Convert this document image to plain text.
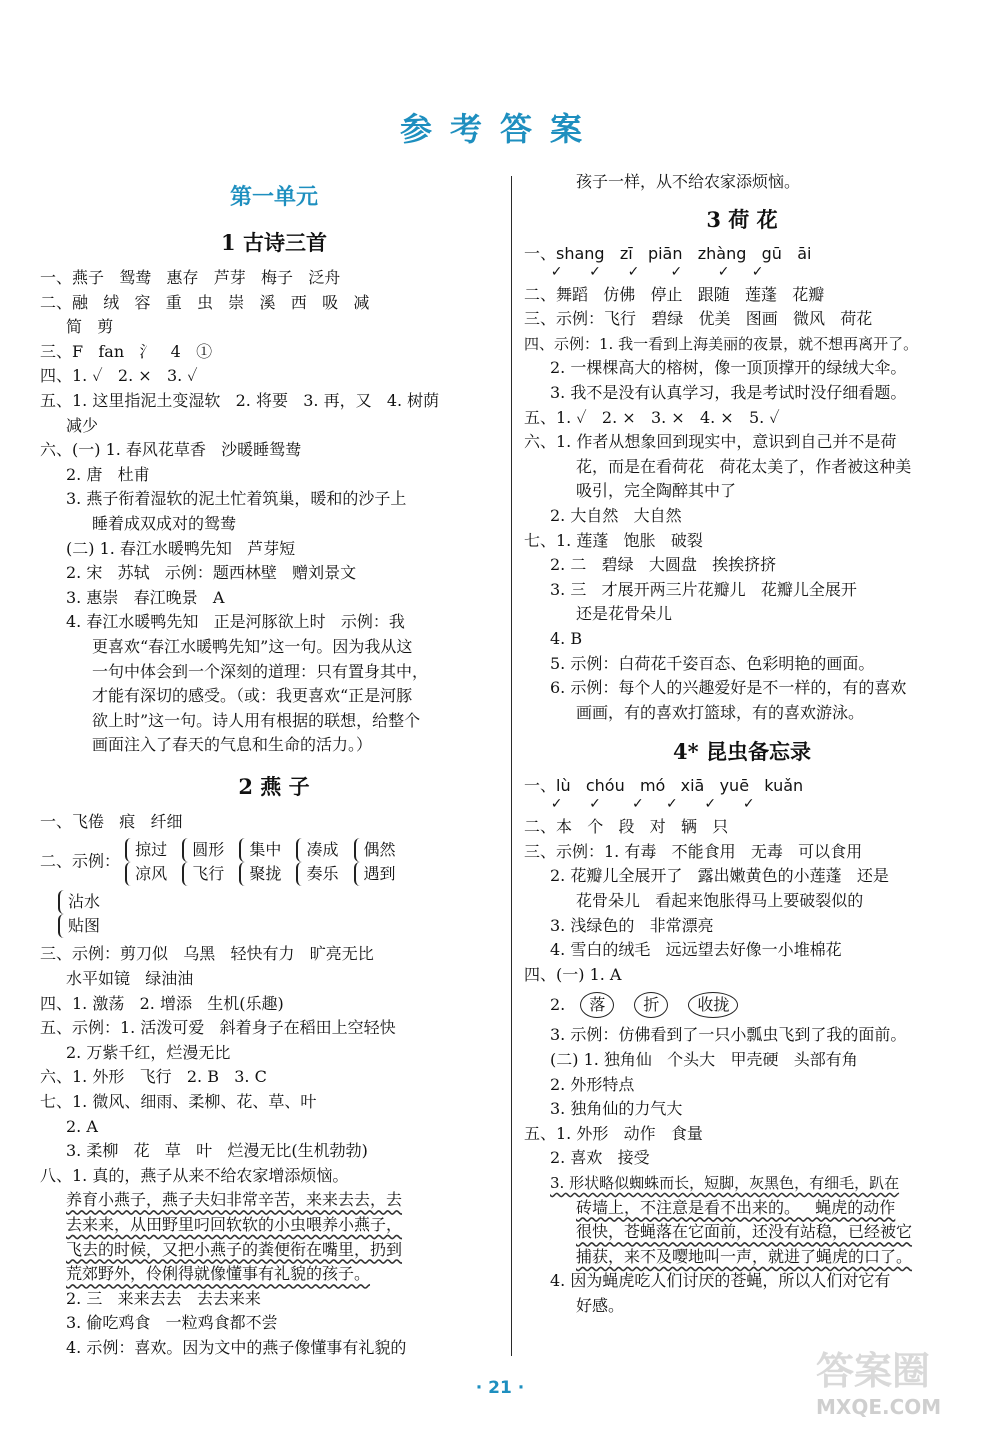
参考答案
第一单元
1 古诗三首
一、燕子   鸳鸯   惠存   芦芽   梅子   泛舟
二、融   绒   容   重   虫   崇   溪   西   吸   减
简   剪
三、F   fan   氵   4   ①
四、1. ✓   2. ×   3. ✓
五、1. 这里指泥土变湿软   2. 将要   3. 再，又   4. 树荫
减少
六、(一) 1. 春风花草香   沙暖睡鸳鸯
2. 唐   杜甫
3. 燕子衔着湿软的泥土忙着筑巢，暖和的沙子上
睡着成双成对的鸳鸯
(二) 1. 春江水暖鸭先知   芦芽短
2. 宋   苏轼   示例：题西林壁   赠刘景文
3. 惠崇   春江晚景   A
4. 春江水暖鸭先知   正是河豚欲上时   示例：我
更喜欢“春江水暖鸭先知”这一句。因为我从这
一句中体会到一个深刻的道理：只有置身其中，
才能有深切的感受。（或：我更喜欢“正是河豚
欲上时”这一句。诗人用有根据的联想，给整个
画面注入了春天的气息和生命的活力。）
2 燕 子
一、飞倦   痕   纤细
二、示例：
掠过
凉风

圆形
飞行

集中
聚拢

凑成
奏乐

偶然
遇到

沾水
贴图
三、示例：剪刀似   乌黑   轻快有力   旷亮无比
水平如镜   绿油油
四、1. 激荡   2. 增添   生机(乐趣)
五、示例：1. 活泼可爱   斜着身子在稻田上空轻快
2. 万紫千红，烂漫无比
六、1. 外形   飞行   2. B   3. C
七、1. 微风、细雨、柔柳、花、草、叶
2. A
3. 柔柳   花   草   叶   烂漫无比(生机勃勃)
八、1. 真的，燕子从来不给农家增添烦恼。
养育小燕子，燕子夫妇非常辛苦，来来去去，去
去来来，从田野里叼回软软的小虫喂养小燕子，
飞去的时候，又把小燕子的粪便衔在嘴里，扔到
荒郊野外，伶俐得就像懂事有礼貌的孩子。
2. 三   来来去去   去去来来
3. 偷吃鸡食   一粒鸡食都不尝
4. 示例：喜欢。因为文中的燕子像懂事有礼貌的
孩子一样，从不给农家添烦恼。
3 荷 花
一、shang   zī   piān   zhàng   gū   āi
✓      ✓      ✓       ✓        ✓     ✓
二、舞蹈   仿佛   停止   跟随   莲蓬   花瓣
三、示例：飞行   碧绿   优美   图画   微风   荷花
四、示例：1. 我一看到上海美丽的夜景，就不想再离开了。
2. 一棵棵高大的榕树，像一顶顶撑开的绿绒大伞。
3. 我不是没有认真学习，我是考试时没仔细看题。
五、1. ✓   2. ×   3. ×   4. ×   5. ✓
六、1. 作者从想象回到现实中，意识到自己并不是荷
花，而是在看荷花   荷花太美了，作者被这种美
吸引，完全陶醉其中了
2. 大自然   大自然
七、1. 莲蓬   饱胀   破裂
2. 二   碧绿   大圆盘   挨挨挤挤
3. 三   才展开两三片花瓣儿   花瓣儿全展开
还是花骨朵儿
4. B
5. 示例：白荷花千姿百态、色彩明艳的画面。
6. 示例：每个人的兴趣爱好是不一样的，有的喜欢
画画，有的喜欢打篮球，有的喜欢游泳。
4* 昆虫备忘录
一、lù   chóu   mó   xiā   yuē   kuǎn
✓      ✓       ✓     ✓      ✓      ✓
二、本   个   段   对   辆   只
三、示例：1. 有毒   不能食用   无毒   可以食用
2. 花瓣儿全展开了   露出嫩黄色的小莲蓬   还是
花骨朵儿   看起来饱胀得马上要破裂似的
3. 浅绿色的   非常漂亮
4. 雪白的绒毛   远远望去好像一小堆棉花
四、(一) 1. A
2. 落 折 收拢
3. 示例：仿佛看到了一只小瓢虫飞到了我的面前。
(二) 1. 独角仙   个头大   甲壳硬   头部有角
2. 外形特点
3. 独角仙的力气大
五、1. 外形   动作   食量
2. 喜欢   接受
3. 形状略似蜘蛛而长，短脚，灰黑色，有细毛，趴在
砖墙上，不注意是看不出来的。   蝇虎的动作
很快，苍蝇落在它面前，还没有站稳，已经被它
捕获，来不及嘤地叫一声，就进了蝇虎的口了。
4. 因为蝇虎吃人们讨厌的苍蝇，所以人们对它有
好感。
· 21 ·	答案圈
MXQE.COM
